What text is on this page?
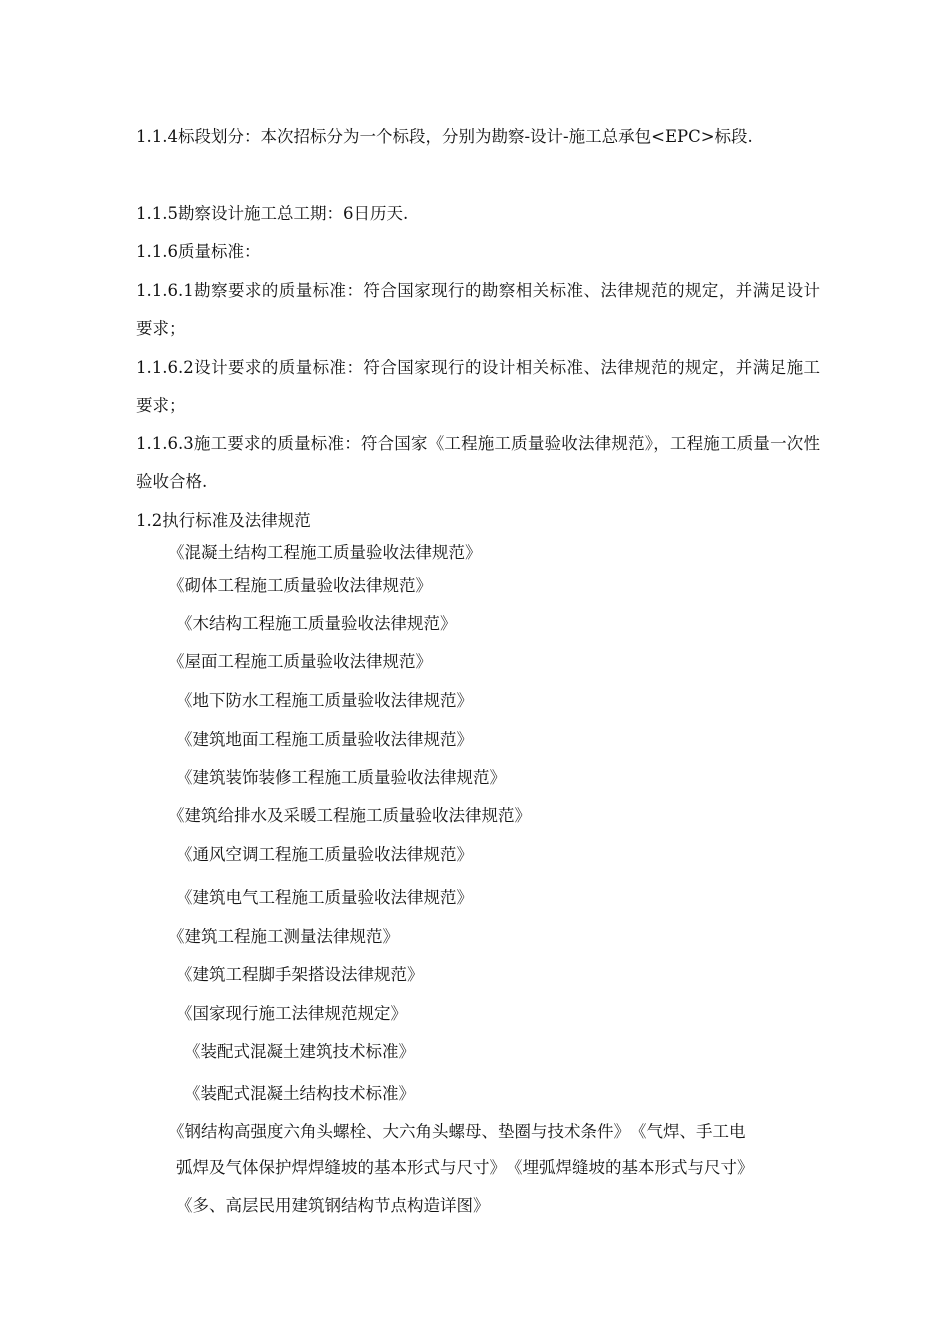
1.1.4标段划分：本次招标分为一个标段，分别为勘察-设计-施工总承包<EPC>标段.
1.1.5勘察设计施工总工期：6日历天.
1.1.6质量标准：
1.1.6.1勘察要求的质量标准：符合国家现行的勘察相关标准、法律规范的规定，并满足设计要求；
1.1.6.2设计要求的质量标准：符合国家现行的设计相关标准、法律规范的规定，并满足施工要求；
1.1.6.3施工要求的质量标准：符合国家《工程施工质量验收法律规范》，工程施工质量一次性验收合格.
1.2执行标准及法律规范
《混凝土结构工程施工质量验收法律规范》
《砌体工程施工质量验收法律规范》
《木结构工程施工质量验收法律规范》
《屋面工程施工质量验收法律规范》
《地下防水工程施工质量验收法律规范》
《建筑地面工程施工质量验收法律规范》
《建筑装饰装修工程施工质量验收法律规范》
《建筑给排水及采暖工程施工质量验收法律规范》
《通风空调工程施工质量验收法律规范》
《建筑电气工程施工质量验收法律规范》
《建筑工程施工测量法律规范》
《建筑工程脚手架搭设法律规范》
《国家现行施工法律规范规定》
《装配式混凝土建筑技术标准》
《装配式混凝土结构技术标准》
《钢结构高强度六角头螺栓、大六角头螺母、垫圈与技术条件》　《气焊、手工电
弧焊及气体保护焊焊缝坡的基本形式与尺寸》　《埋弧焊缝坡的基本形式与尺寸》
《多、高层民用建筑钢结构节点构造详图》
